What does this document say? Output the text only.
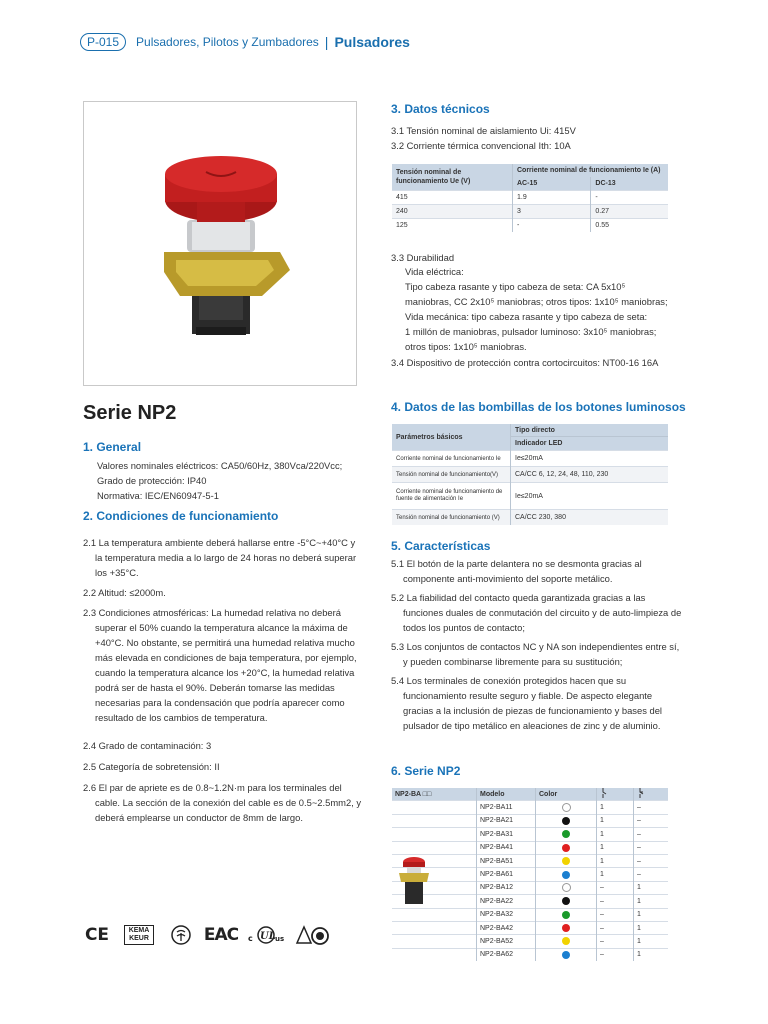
P-015	Pulsadores, Pilotos y Zumbadores | Pulsadores
Serie NP2
1. General

Valores nominales eléctricos: CA50/60Hz, 380Vca/220Vcc;

Grado de protección: IP40

Normativa: IEC/EN60947-5-1

2. Condiciones de funcionamiento
2.1 La temperatura ambiente deberá hallarse entre -5°C~+40°C y la temperatura media a lo largo de 24 horas no deberá superar los +35°C.
2.2 Altitud: ≤2000m.
2.3 Condiciones atmosféricas: La humedad relativa no deberá superar el 50% cuando la temperatura alcance la máxima de +40°C. No obstante, se permitirá una humedad relativa mucho más elevada en condiciones de baja temperatura, por ejemplo, cuando la temperatura alcance los +20°C, la humedad relativa podrá ser de hasta el 90%. Deberán tomarse las medidas necesarias para la condensación que podría aparecer como resultado de los cambios de temperatura.
2.4 Grado de contaminación: 3
2.5 Categoría de sobretensión: II
2.6 El par de apriete es de 0.8~1.2N·m para los terminales del cable. La sección de la conexión del cable es de 0.5~2.5mm2, y deberá emplearse un conductor de 8mm de largo.
CE	KEMA
KEUR	EAC c UL us
3. Datos técnicos
3.1 Tensión nominal de aislamiento Ui: 415V
3.2 Corriente térmica convencional Ith: 10A
Tensión nominal de funcionamiento Ue (V)	Corriente nominal de funcionamiento Ie (A)	
	AC-15	DC-13
415	1.9	-
240	3	0.27
125	-	0.55
3.3 Durabilidad

Vida eléctrica:

Tipo cabeza rasante y tipo cabeza de seta: CA 5x10⁵

maniobras, CC 2x10⁵ maniobras; otros tipos: 1x10⁵ maniobras;

Vida mecánica: tipo cabeza rasante y tipo cabeza de seta:

1 millón de maniobras, pulsador luminoso: 3x10⁵ maniobras;

otros tipos: 1x10⁵ maniobras.

3.4 Dispositivo de protección contra cortocircuitos: NT00-16 16A
4. Datos de las bombillas de los botones luminosos
Parámetros básicos	Tipo directo
	Indicador LED
Corriente nominal de funcionamiento Ie	Ie≤20mA
Tensión nominal de funcionamiento(V)	CA/CC 6, 12, 24, 48, 110, 230
Corriente nominal de funcionamiento de fuente de alimentación Ie	Ie≤20mA
Tensión nominal de funcionamiento (V)	CA/CC 230, 380
5. Características
5.1 El botón de la parte delantera no se desmonta gracias al componente anti-movimiento del soporte metálico.
5.2 La fiabilidad del contacto queda garantizada gracias a las funciones duales de conmutación del circuito y de auto-limpieza de todos los puntos de contacto;
5.3 Los conjuntos de contactos NC y NA son independientes entre sí, y pueden combinarse libremente para su sustitución;
5.4 Los terminales de conexión protegidos hacen que su funcionamiento resulte seguro y fiable. De aspecto elegante gracias a la inclusión de piezas de funcionamiento y bases del pulsador de tipo metálico en aleaciones de zinc y de aluminio.
6. Serie NP2
NP2-BA □□	Modelo	Color		
	NP2-BA11		1	–
	NP2-BA21		1	–
	NP2-BA31		1	–
	NP2-BA41		1	–
	NP2-BA51		1	–
	NP2-BA61		1	–
	NP2-BA12		–	1
	NP2-BA22		–	1
	NP2-BA32		–	1
	NP2-BA42		–	1
	NP2-BA52		–	1
	NP2-BA62		–	1
